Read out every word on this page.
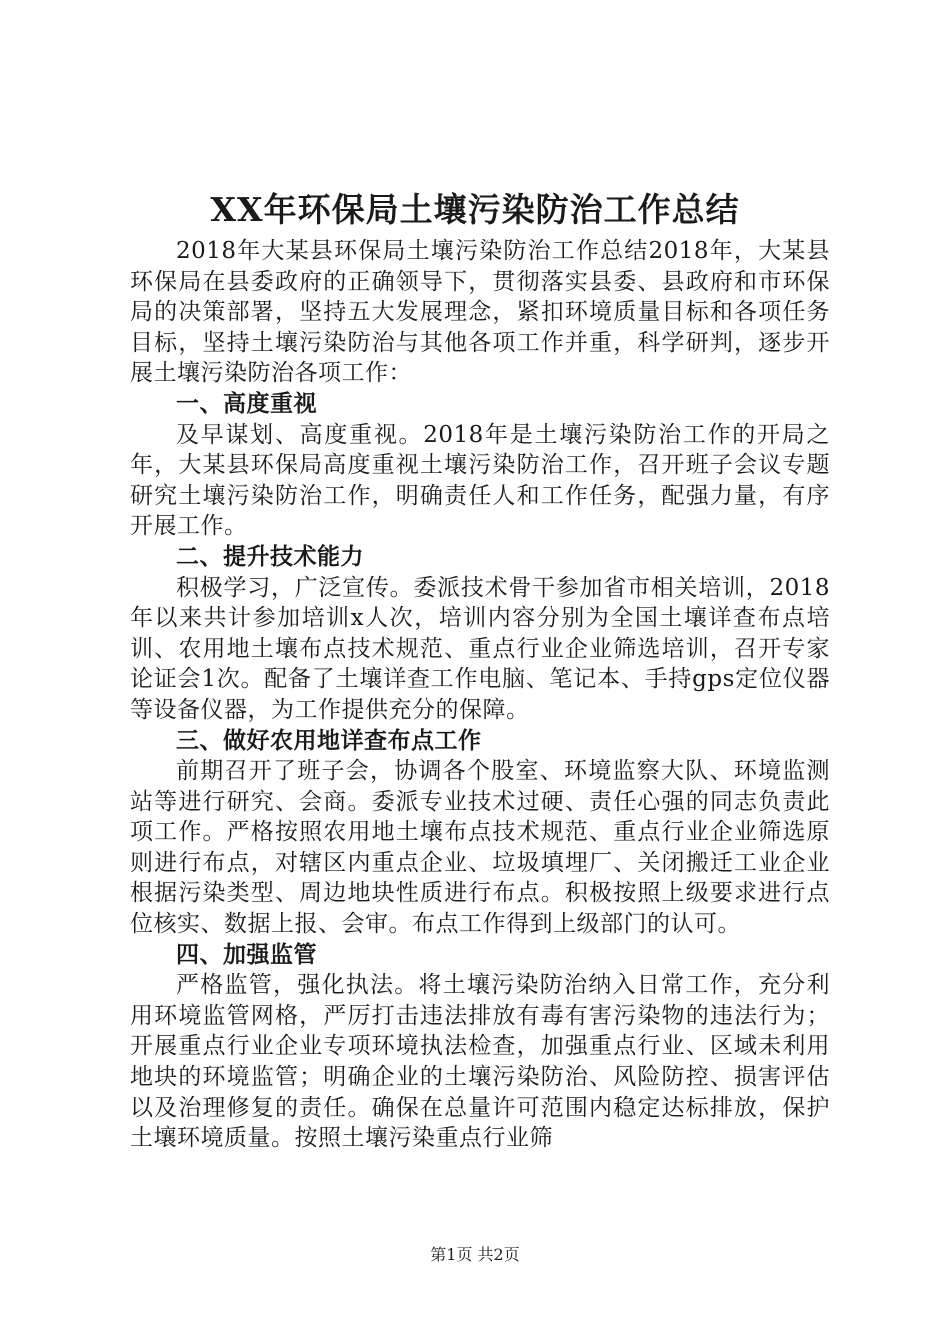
XX年环保局土壤污染防治工作总结

2018年大某县环保局土壤污染防治工作总结2018年，大某县环保局在县委政府的正确领导下，贯彻落实县委、县政府和市环保局的决策部署，坚持五大发展理念，紧扣环境质量目标和各项任务目标，坚持土壤污染防治与其他各项工作并重，科学研判，逐步开展土壤污染防治各项工作：

一、高度重视

及早谋划、高度重视。2018年是土壤污染防治工作的开局之年，大某县环保局高度重视土壤污染防治工作，召开班子会议专题研究土壤污染防治工作，明确责任人和工作任务，配强力量，有序开展工作。

二、提升技术能力

积极学习，广泛宣传。委派技术骨干参加省市相关培训，2018年以来共计参加培训x人次，培训内容分别为全国土壤详查布点培训、农用地土壤布点技术规范、重点行业企业筛选培训，召开专家论证会1次。配备了土壤详查工作电脑、笔记本、手持gps定位仪器等设备仪器，为工作提供充分的保障。

三、做好农用地详查布点工作

前期召开了班子会，协调各个股室、环境监察大队、环境监测站等进行研究、会商。委派专业技术过硬、责任心强的同志负责此项工作。严格按照农用地土壤布点技术规范、重点行业企业筛选原则进行布点，对辖区内重点企业、垃圾填埋厂、关闭搬迁工业企业根据污染类型、周边地块性质进行布点。积极按照上级要求进行点位核实、数据上报、会审。布点工作得到上级部门的认可。

四、加强监管

严格监管，强化执法。将土壤污染防治纳入日常工作，充分利用环境监管网格，严厉打击违法排放有毒有害污染物的违法行为；开展重点行业企业专项环境执法检查，加强重点行业、区域未利用地块的环境监管；明确企业的土壤污染防治、风险防控、损害评估以及治理修复的责任。确保在总量许可范围内稳定达标排放，保护土壤环境质量。按照土壤污染重点行业筛

第1页 共2页
